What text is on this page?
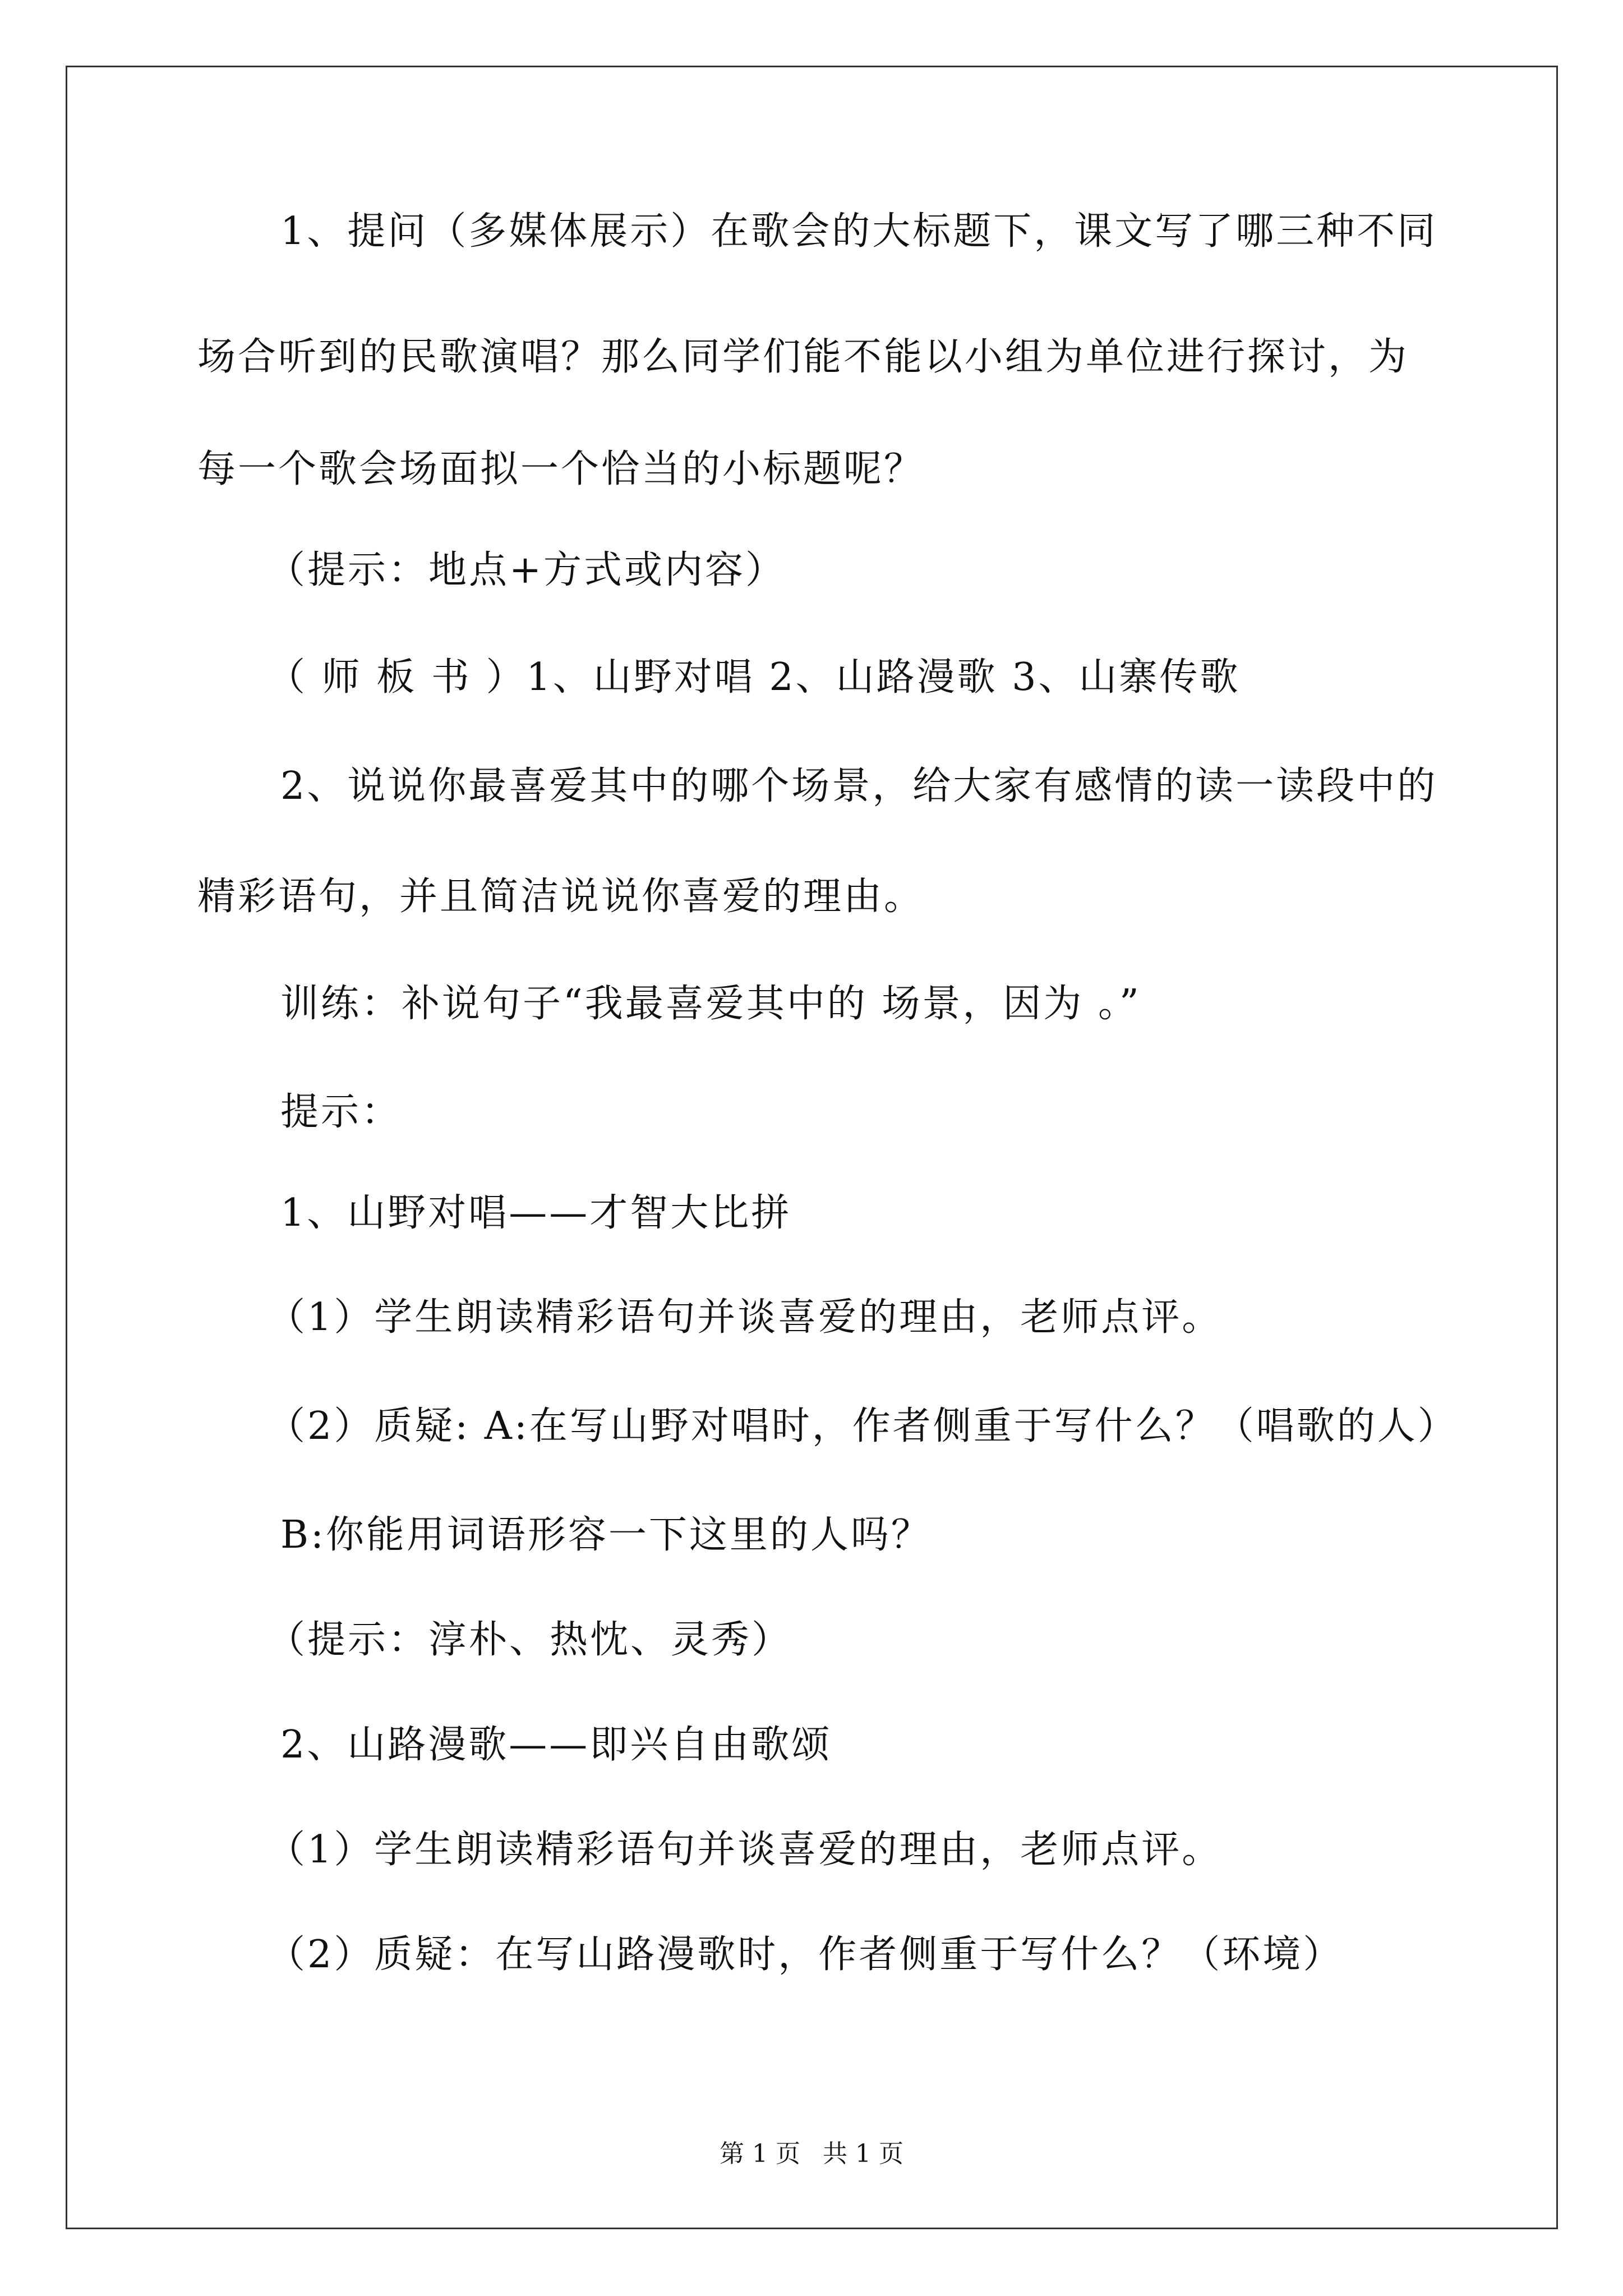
1、提问（多媒体展示）在歌会的大标题下，课文写了哪三种不同
场合听到的民歌演唱？那么同学们能不能以小组为单位进行探讨，为
每一个歌会场面拟一个恰当的小标题呢？
（提示：地点+方式或内容）
（ 师 板 书 ）1、山野对唱 2、山路漫歌 3、山寨传歌
2、说说你最喜爱其中的哪个场景，给大家有感情的读一读段中的
精彩语句，并且简洁说说你喜爱的理由。
训练：补说句子“我最喜爱其中的 场景，因为 。”
提示：
1、山野对唱——才智大比拼
（1）学生朗读精彩语句并谈喜爱的理由，老师点评。
（2）质疑: A:在写山野对唱时，作者侧重于写什么？（唱歌的人）
B:你能用词语形容一下这里的人吗？
（提示：淳朴、热忱、灵秀）
2、山路漫歌——即兴自由歌颂
（1）学生朗读精彩语句并谈喜爱的理由，老师点评。
（2）质疑：在写山路漫歌时，作者侧重于写什么？（环境）
第 1 页 共 1 页
